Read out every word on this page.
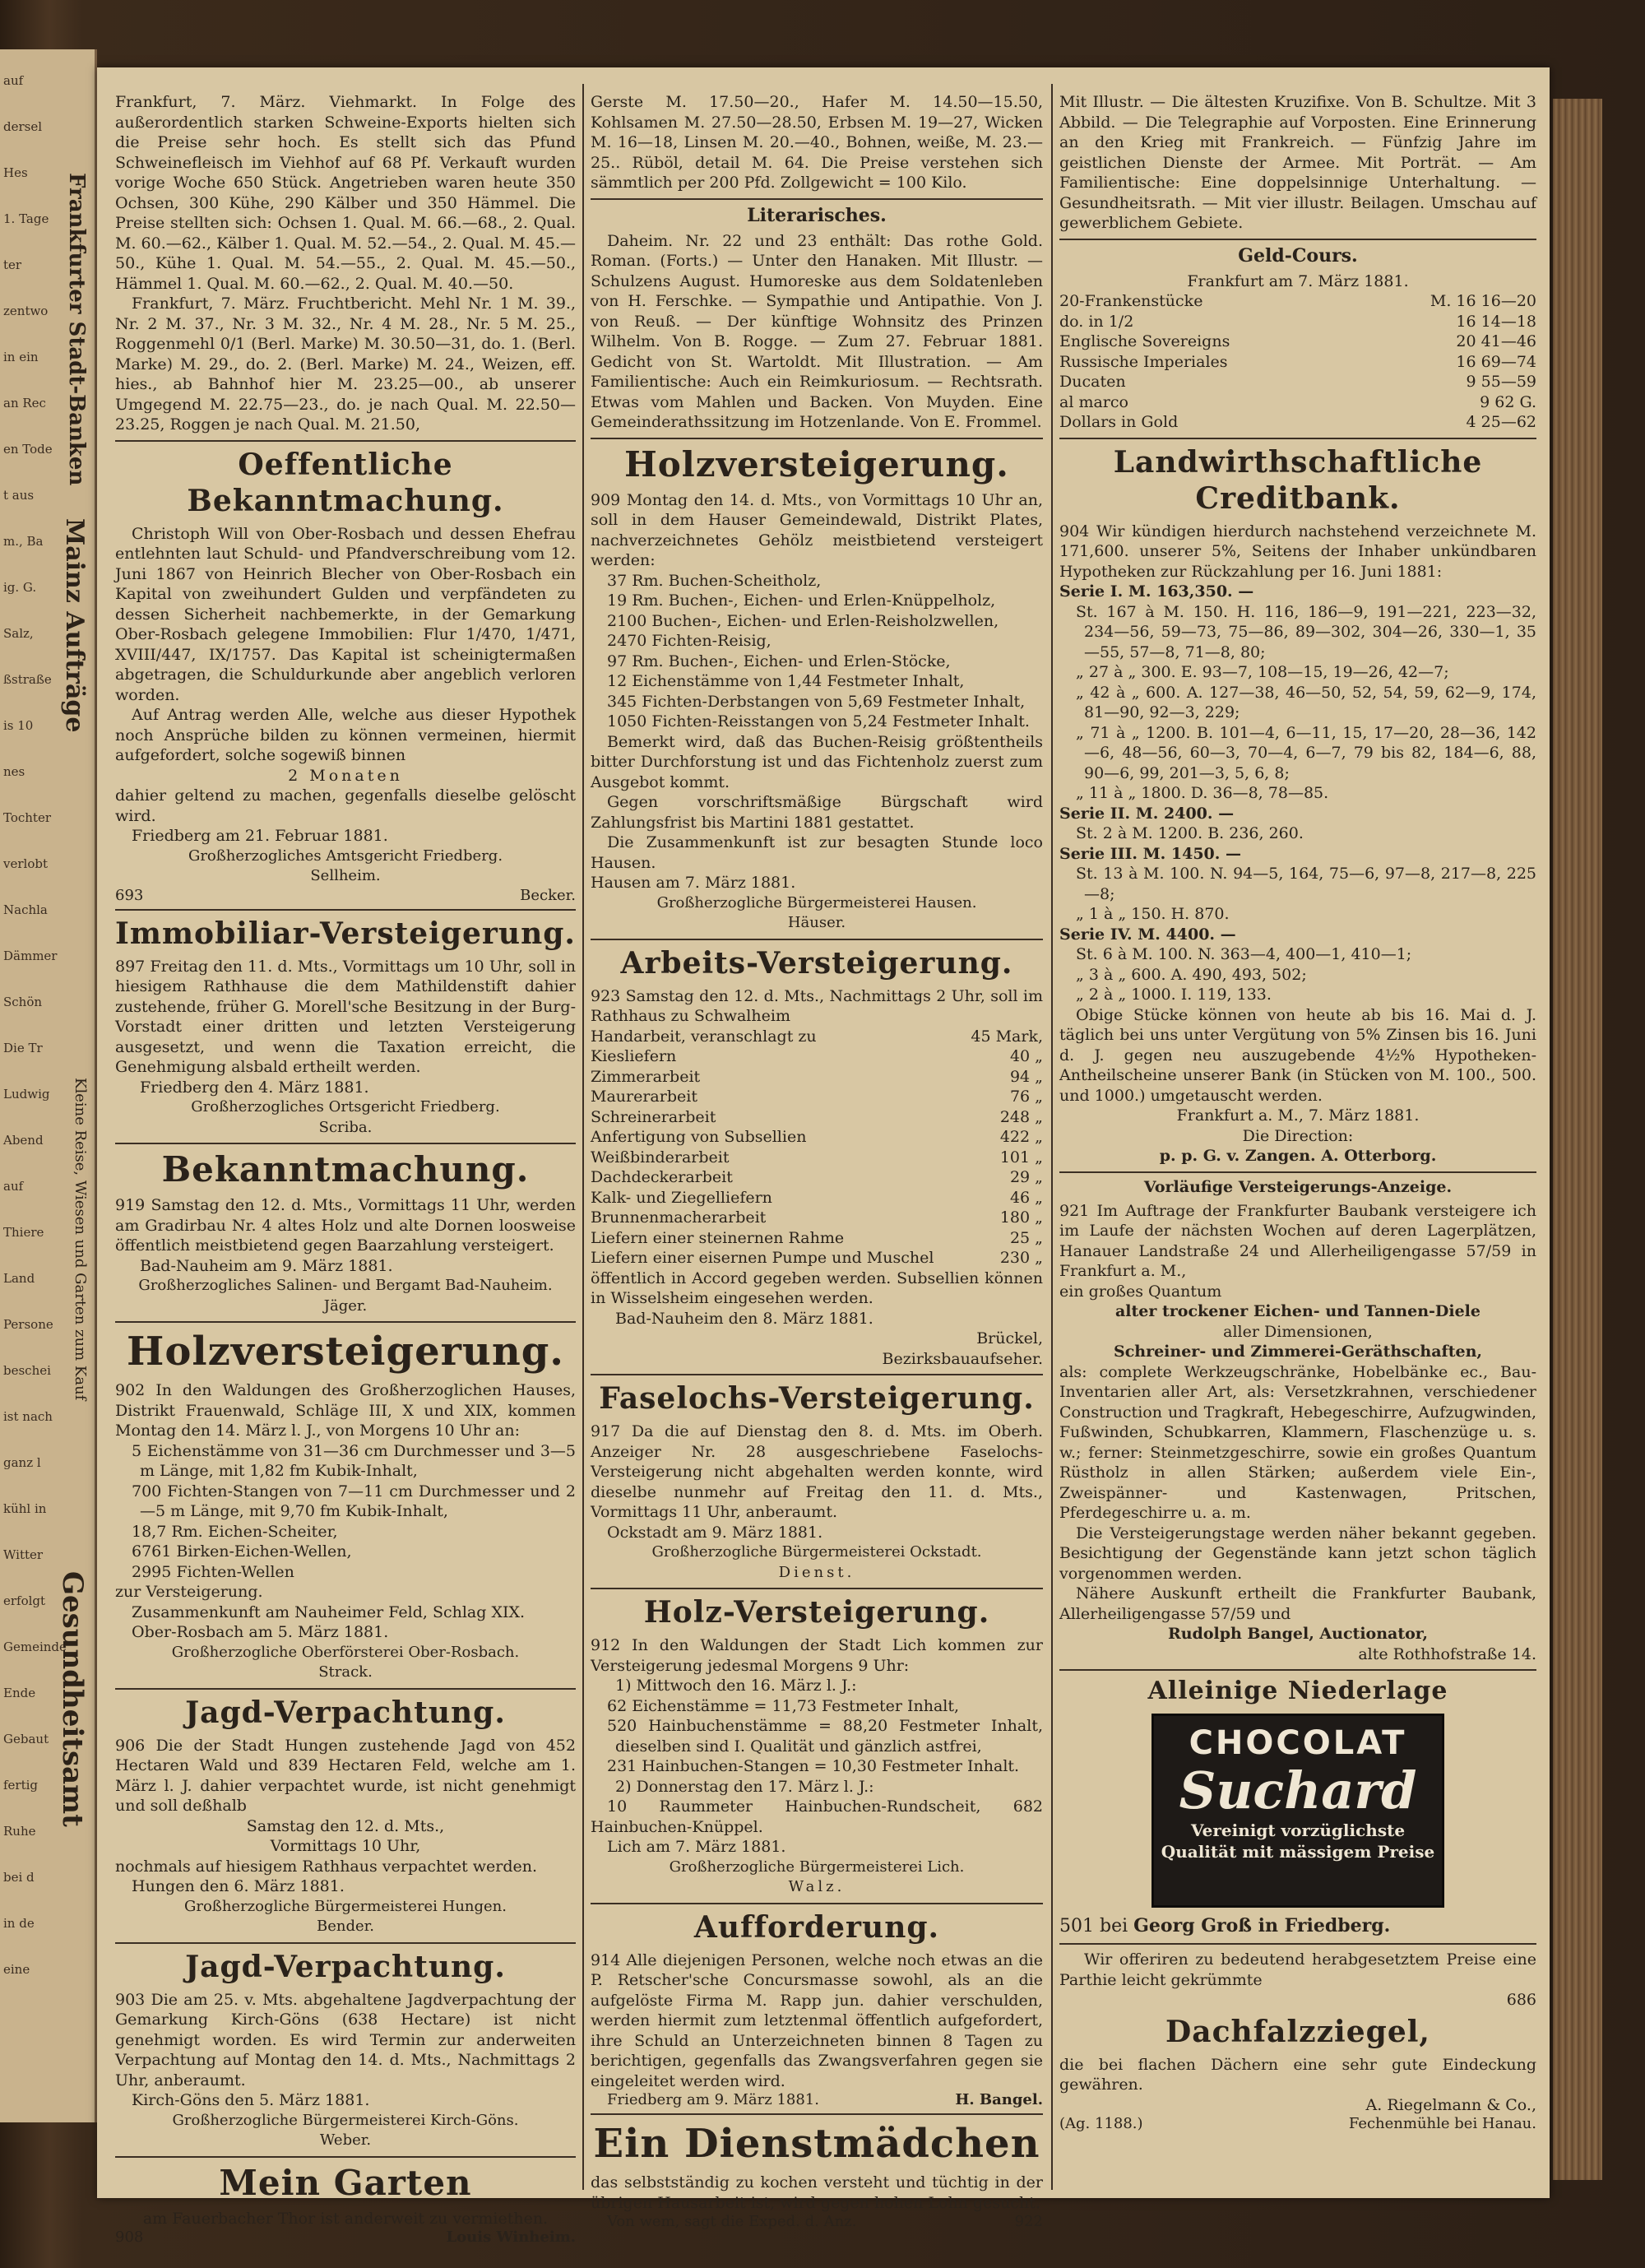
auf
dersel
Hes
1. Tage
ter
zentwo
in ein
an Rec
en Tode
t aus
m., Ba
ig. G.
Salz,
ßstraße
is 10
nes
Tochter
verlobt
Nachla
Dämmer
Schön
Die Tr
Ludwig
Abend
auf
Thiere
Land
Persone
beschei
ist nach
ganz l
kühl in
Witter
erfolgt
Gemeinde
Ende
Gebaut
fertig
Ruhe
bei d
in de
eine
Frankfurter Stadt-Banken
Mainz Aufträge
Kleine Reise, Wiesen und Garten zum Kauf
Gesundheitsamt

Frankfurt, 7. März. Viehmarkt. In Folge des außerordentlich starken Schweine-Exports hielten sich die Preise sehr hoch. Es stellt sich das Pfund Schweinefleisch im Viehhof auf 68 Pf. Verkauft wurden vorige Woche 650 Stück. Angetrieben waren heute 350 Ochsen, 300 Kühe, 290 Kälber und 350 Hämmel. Die Preise stellten sich: Ochsen 1. Qual. M. 66.—68., 2. Qual. M. 60.—62., Kälber 1. Qual. M. 52.—54., 2. Qual. M. 45.—50., Kühe 1. Qual. M. 54.—55., 2. Qual. M. 45.—50., Hämmel 1. Qual. M. 60.—62., 2. Qual. M. 40.—50.

Frankfurt, 7. März. Fruchtbericht. Mehl Nr. 1 M. 39., Nr. 2 M. 37., Nr. 3 M. 32., Nr. 4 M. 28., Nr. 5 M. 25., Roggenmehl 0/1 (Berl. Marke) M. 30.50—31, do. 1. (Berl. Marke) M. 29., do. 2. (Berl. Marke) M. 24., Weizen, eff. hies., ab Bahnhof hier M. 23.25—00., ab unserer Umgegend M. 22.75—23., do. je nach Qual. M. 22.50—23.25, Roggen je nach Qual. M. 21.50,

Oeffentliche Bekanntmachung.

Christoph Will von Ober-Rosbach und dessen Ehefrau entlehnten laut Schuld- und Pfandverschreibung vom 12. Juni 1867 von Heinrich Blecher von Ober-Rosbach ein Kapital von zweihundert Gulden und verpfändeten zu dessen Sicherheit nachbemerkte, in der Gemarkung Ober-Rosbach gelegene Immobilien: Flur 1/470, 1/471, XVIII/447, IX/1757. Das Kapital ist scheinigtermaßen abgetragen, die Schuldurkunde aber angeblich verloren worden.

Auf Antrag werden Alle, welche aus dieser Hypothek noch Ansprüche bilden zu können vermeinen, hiermit aufgefordert, solche sogewiß binnen

2 Monaten

dahier geltend zu machen, gegenfalls dieselbe gelöscht wird.

Friedberg am 21. Februar 1881.

Großherzogliches Amtsgericht Friedberg.

Sellheim.

693	Becker.
Immobiliar-Versteigerung.

897 Freitag den 11. d. Mts., Vormittags um 10 Uhr, soll in hiesigem Rathhause die dem Mathildenstift dahier zustehende, früher G. Morell'sche Besitzung in der Burg-Vorstadt einer dritten und letzten Versteigerung ausgesetzt, und wenn die Taxation erreicht, die Genehmigung alsbald ertheilt werden.

Friedberg den 4. März 1881.

Großherzogliches Ortsgericht Friedberg.

Scriba.

Bekanntmachung.

919 Samstag den 12. d. Mts., Vormittags 11 Uhr, werden am Gradirbau Nr. 4 altes Holz und alte Dornen loosweise öffentlich meistbietend gegen Baarzahlung versteigert.

Bad-Nauheim am 9. März 1881.

Großherzogliches Salinen- und Bergamt Bad-Nauheim.

Jäger.

Holzversteigerung.

902 In den Waldungen des Großherzoglichen Hauses, Distrikt Frauenwald, Schläge III, X und XIX, kommen Montag den 14. März l. J., von Morgens 10 Uhr an:

5 Eichenstämme von 31—36 cm Durchmesser und 3—5 m Länge, mit 1,82 fm Kubik-Inhalt,

700 Fichten-Stangen von 7—11 cm Durchmesser und 2—5 m Länge, mit 9,70 fm Kubik-Inhalt,

18,7 Rm. Eichen-Scheiter,

6761 Birken-Eichen-Wellen,

2995 Fichten-Wellen

zur Versteigerung.

Zusammenkunft am Nauheimer Feld, Schlag XIX.

Ober-Rosbach am 5. März 1881.

Großherzogliche Oberförsterei Ober-Rosbach.

Strack.

Jagd-Verpachtung.

906 Die der Stadt Hungen zustehende Jagd von 452 Hectaren Wald und 839 Hectaren Feld, welche am 1. März l. J. dahier verpachtet wurde, ist nicht genehmigt und soll deßhalb

Samstag den 12. d. Mts.,

Vormittags 10 Uhr,

nochmals auf hiesigem Rathhaus verpachtet werden.

Hungen den 6. März 1881.

Großherzogliche Bürgermeisterei Hungen.

Bender.

Jagd-Verpachtung.

903 Die am 25. v. Mts. abgehaltene Jagdverpachtung der Gemarkung Kirch-Göns (638 Hectare) ist nicht genehmigt worden. Es wird Termin zur anderweiten Verpachtung auf Montag den 14. d. Mts., Nachmittags 2 Uhr, anberaumt.

Kirch-Göns den 5. März 1881.

Großherzogliche Bürgermeisterei Kirch-Göns.

Weber.

Mein Garten

am Fauerbacher Thor ist anderweit zu vermiethen.

908	Louis Winheim.

Gerste M. 17.50—20., Hafer M. 14.50—15.50, Kohlsamen M. 27.50—28.50, Erbsen M. 19—27, Wicken M. 16—18, Linsen M. 20.—40., Bohnen, weiße, M. 23.—25.. Rüböl, detail M. 64. Die Preise verstehen sich sämmtlich per 200 Pfd. Zollgewicht = 100 Kilo.

Literarisches.

Daheim. Nr. 22 und 23 enthält: Das rothe Gold. Roman. (Forts.) — Unter den Hanaken. Mit Illustr. — Schulzens August. Humoreske aus dem Soldatenleben von H. Ferschke. — Sympathie und Antipathie. Von J. von Reuß. — Der künftige Wohnsitz des Prinzen Wilhelm. Von B. Rogge. — Zum 27. Februar 1881. Gedicht von St. Wartoldt. Mit Illustration. — Am Familientische: Auch ein Reimkuriosum. — Rechtsrath. Etwas vom Mahlen und Backen. Von Muyden. Eine Gemeinderathssitzung im Hotzenlande. Von E. Frommel.

Holzversteigerung.

909 Montag den 14. d. Mts., von Vormittags 10 Uhr an, soll in dem Hauser Gemeindewald, Distrikt Plates, nachverzeichnetes Gehölz meistbietend versteigert werden:

37 Rm. Buchen-Scheitholz,

19 Rm. Buchen-, Eichen- und Erlen-Knüppelholz,

2100 Buchen-, Eichen- und Erlen-Reisholzwellen,

2470 Fichten-Reisig,

97 Rm. Buchen-, Eichen- und Erlen-Stöcke,

12 Eichenstämme von 1,44 Festmeter Inhalt,

345 Fichten-Derbstangen von 5,69 Festmeter Inhalt,

1050 Fichten-Reisstangen von 5,24 Festmeter Inhalt.

Bemerkt wird, daß das Buchen-Reisig größtentheils bitter Durchforstung ist und das Fichtenholz zuerst zum Ausgebot kommt.

Gegen vorschriftsmäßige Bürgschaft wird Zahlungsfrist bis Martini 1881 gestattet.

Die Zusammenkunft ist zur besagten Stunde loco Hausen.

Hausen am 7. März 1881.

Großherzogliche Bürgermeisterei Hausen.

Häuser.

Arbeits-Versteigerung.

923 Samstag den 12. d. Mts., Nachmittags 2 Uhr, soll im Rathhaus zu Schwalheim

Handarbeit, veranschlagt zu	45 Mark,
Kiesliefern	40 „
Zimmerarbeit	94 „
Maurerarbeit	76 „
Schreinerarbeit	248 „
Anfertigung von Subsellien	422 „
Weißbinderarbeit	101 „
Dachdeckerarbeit	29 „
Kalk- und Ziegelliefern	46 „
Brunnenmacherarbeit	180 „
Liefern einer steinernen Rahme	25 „
Liefern einer eisernen Pumpe und Muschel	230 „

öffentlich in Accord gegeben werden. Subsellien können in Wisselsheim eingesehen werden.

Bad-Nauheim den 8. März 1881.

Brückel,

Bezirksbauaufseher.

Faselochs-Versteigerung.

917 Da die auf Dienstag den 8. d. Mts. im Oberh. Anzeiger Nr. 28 ausgeschriebene Faselochs-Versteigerung nicht abgehalten werden konnte, wird dieselbe nunmehr auf Freitag den 11. d. Mts., Vormittags 11 Uhr, anberaumt.

Ockstadt am 9. März 1881.

Großherzogliche Bürgermeisterei Ockstadt.

Dienst.

Holz-Versteigerung.

912 In den Waldungen der Stadt Lich kommen zur Versteigerung jedesmal Morgens 9 Uhr:

1) Mittwoch den 16. März l. J.:

62 Eichenstämme = 11,73 Festmeter Inhalt,

520 Hainbuchenstämme = 88,20 Festmeter Inhalt, dieselben sind I. Qualität und gänzlich astfrei,

231 Hainbuchen-Stangen = 10,30 Festmeter Inhalt.

2) Donnerstag den 17. März l. J.:

10 Raummeter Hainbuchen-Rundscheit, 682 Hainbuchen-Knüppel.

Lich am 7. März 1881.

Großherzogliche Bürgermeisterei Lich.

Walz.

Aufforderung.

914 Alle diejenigen Personen, welche noch etwas an die P. Retscher'sche Concursmasse sowohl, als an die aufgelöste Firma M. Rapp jun. dahier verschulden, werden hiermit zum letztenmal öffentlich aufgefordert, ihre Schuld an Unterzeichneten binnen 8 Tagen zu berichtigen, gegenfalls das Zwangsverfahren gegen sie eingeleitet werden wird.

Friedberg am 9. März 1881.	H. Bangel.
Ein Dienstmädchen

das selbstständig zu kochen versteht und tüchtig in der übrigen Hausarbeit ist, wird gegen hohen Lohn gesucht.

Von wem, sagt die Exped. d. Anz.	922

Mit Illustr. — Die ältesten Kruzifixe. Von B. Schultze. Mit 3 Abbild. — Die Telegraphie auf Vorposten. Eine Erinnerung an den Krieg mit Frankreich. — Fünfzig Jahre im geistlichen Dienste der Armee. Mit Porträt. — Am Familientische: Eine doppelsinnige Unterhaltung. — Gesundheitsrath. — Mit vier illustr. Beilagen. Umschau auf gewerblichem Gebiete.

Geld-Cours.

Frankfurt am 7. März 1881.

20-Frankenstücke	M. 16 16—20
do. in 1/2	16 14—18
Englische Sovereigns	20 41—46
Russische Imperiales	16 69—74
Ducaten	9 55—59
al marco	9 62 G.
Dollars in Gold	4 25—62
Landwirthschaftliche Creditbank.

904 Wir kündigen hierdurch nachstehend verzeichnete M. 171,600. unserer 5%, Seitens der Inhaber unkündbaren Hypotheken zur Rückzahlung per 16. Juni 1881:

Serie I. M. 163,350. —

St. 167 à M. 150. H. 116, 186—9, 191—221, 223—32, 234—56, 59—73, 75—86, 89—302, 304—26, 330—1, 35—55, 57—8, 71—8, 80;

„ 27 à „ 300. E. 93—7, 108—15, 19—26, 42—7;

„ 42 à „ 600. A. 127—38, 46—50, 52, 54, 59, 62—9, 174, 81—90, 92—3, 229;

„ 71 à „ 1200. B. 101—4, 6—11, 15, 17—20, 28—36, 142—6, 48—56, 60—3, 70—4, 6—7, 79 bis 82, 184—6, 88, 90—6, 99, 201—3, 5, 6, 8;

„ 11 à „ 1800. D. 36—8, 78—85.

Serie II. M. 2400. —

St. 2 à M. 1200. B. 236, 260.

Serie III. M. 1450. —

St. 13 à M. 100. N. 94—5, 164, 75—6, 97—8, 217—8, 225—8;

„ 1 à „ 150. H. 870.

Serie IV. M. 4400. —

St. 6 à M. 100. N. 363—4, 400—1, 410—1;

„ 3 à „ 600. A. 490, 493, 502;

„ 2 à „ 1000. I. 119, 133.

Obige Stücke können von heute ab bis 16. Mai d. J. täglich bei uns unter Vergütung von 5% Zinsen bis 16. Juni d. J. gegen neu auszugebende 4½% Hypotheken-Antheilscheine unserer Bank (in Stücken von M. 100., 500. und 1000.) umgetauscht werden.

Frankfurt a. M., 7. März 1881.

Die Direction:

p. p. G. v. Zangen. A. Otterborg.

Vorläufige Versteigerungs-Anzeige.

921 Im Auftrage der Frankfurter Baubank versteigere ich im Laufe der nächsten Wochen auf deren Lagerplätzen, Hanauer Landstraße 24 und Allerheiligengasse 57/59 in Frankfurt a. M.,

ein großes Quantum

alter trockener Eichen- und Tannen-Diele

aller Dimensionen,

Schreiner- und Zimmerei-Geräthschaften,

als: complete Werkzeugschränke, Hobelbänke ec., Bau-Inventarien aller Art, als: Versetzkrahnen, verschiedener Construction und Tragkraft, Hebegeschirre, Aufzugwinden, Fußwinden, Schubkarren, Klammern, Flaschenzüge u. s. w.; ferner: Steinmetzgeschirre, sowie ein großes Quantum Rüstholz in allen Stärken; außerdem viele Ein-, Zweispänner- und Kastenwagen, Pritschen, Pferdegeschirre u. a. m.

Die Versteigerungstage werden näher bekannt gegeben. Besichtigung der Gegenstände kann jetzt schon täglich vorgenommen werden.

Nähere Auskunft ertheilt die Frankfurter Baubank, Allerheiligengasse 57/59 und

Rudolph Bangel, Auctionator,

alte Rothhofstraße 14.

Alleinige Niederlage
CHOCOLAT
Suchard
Vereinigt vorzüglichste
Qualität mit mässigem Preise

501 bei Georg Groß in Friedberg.

Wir offeriren zu bedeutend herabgesetztem Preise eine Parthie leicht gekrümmte

686

Dachfalzziegel,

die bei flachen Dächern eine sehr gute Eindeckung gewähren.

A. Riegelmann & Co.,

(Ag. 1188.)	Fechenmühle bei Hanau.
